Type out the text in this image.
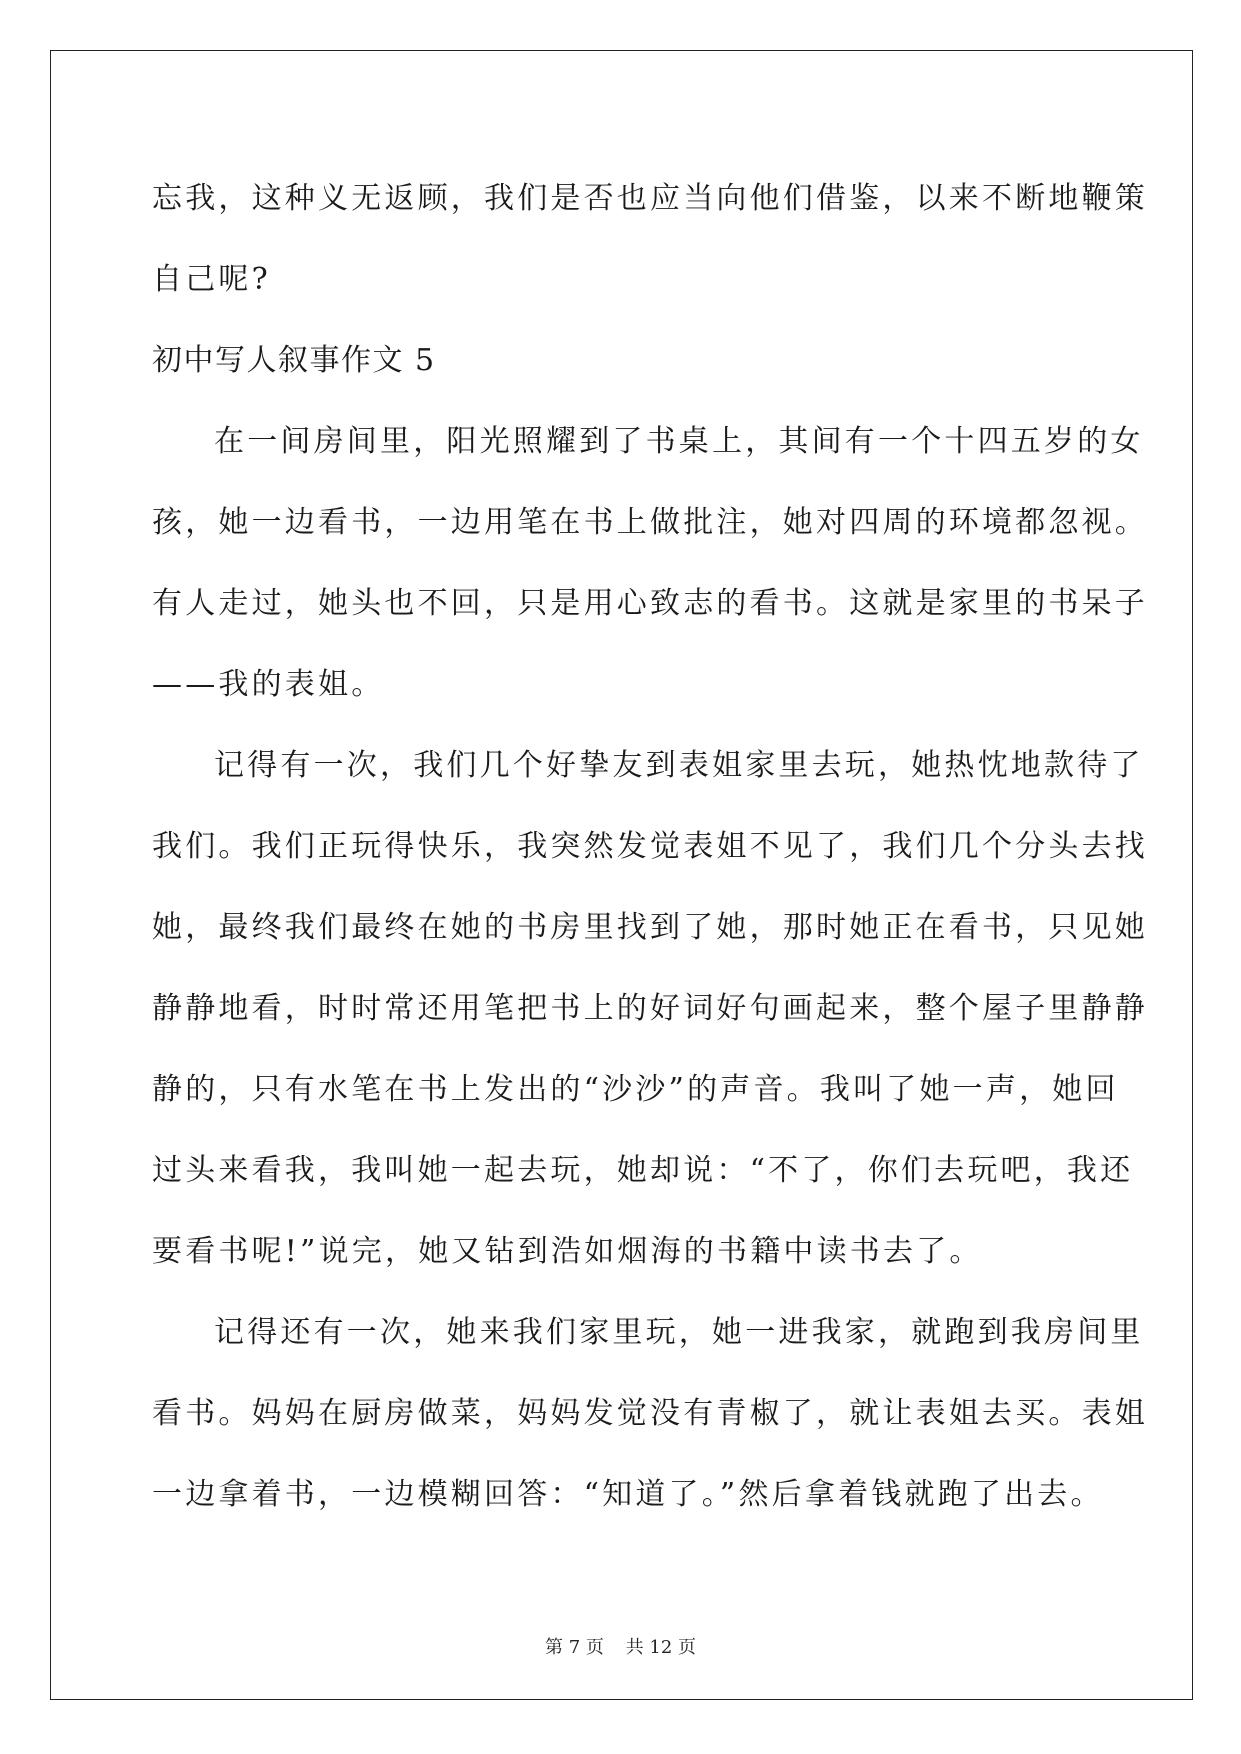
忘我，这种义无返顾，我们是否也应当向他们借鉴，以来不断地鞭策
自己呢?
初中写人叙事作文 5
在一间房间里，阳光照耀到了书桌上，其间有一个十四五岁的女
孩，她一边看书，一边用笔在书上做批注，她对四周的环境都忽视。
有人走过，她头也不回，只是用心致志的看书。这就是家里的书呆子
——我的表姐。
记得有一次，我们几个好挚友到表姐家里去玩，她热忱地款待了
我们。我们正玩得快乐，我突然发觉表姐不见了，我们几个分头去找
她，最终我们最终在她的书房里找到了她，那时她正在看书，只见她
静静地看，时时常还用笔把书上的好词好句画起来，整个屋子里静静
静的，只有水笔在书上发出的“沙沙”的声音。我叫了她一声，她回
过头来看我，我叫她一起去玩，她却说：“不了，你们去玩吧，我还
要看书呢!”说完，她又钻到浩如烟海的书籍中读书去了。
记得还有一次，她来我们家里玩，她一进我家，就跑到我房间里
看书。妈妈在厨房做菜，妈妈发觉没有青椒了，就让表姐去买。表姐
一边拿着书，一边模糊回答：“知道了。”然后拿着钱就跑了出去。
第 7 页 共 12 页
